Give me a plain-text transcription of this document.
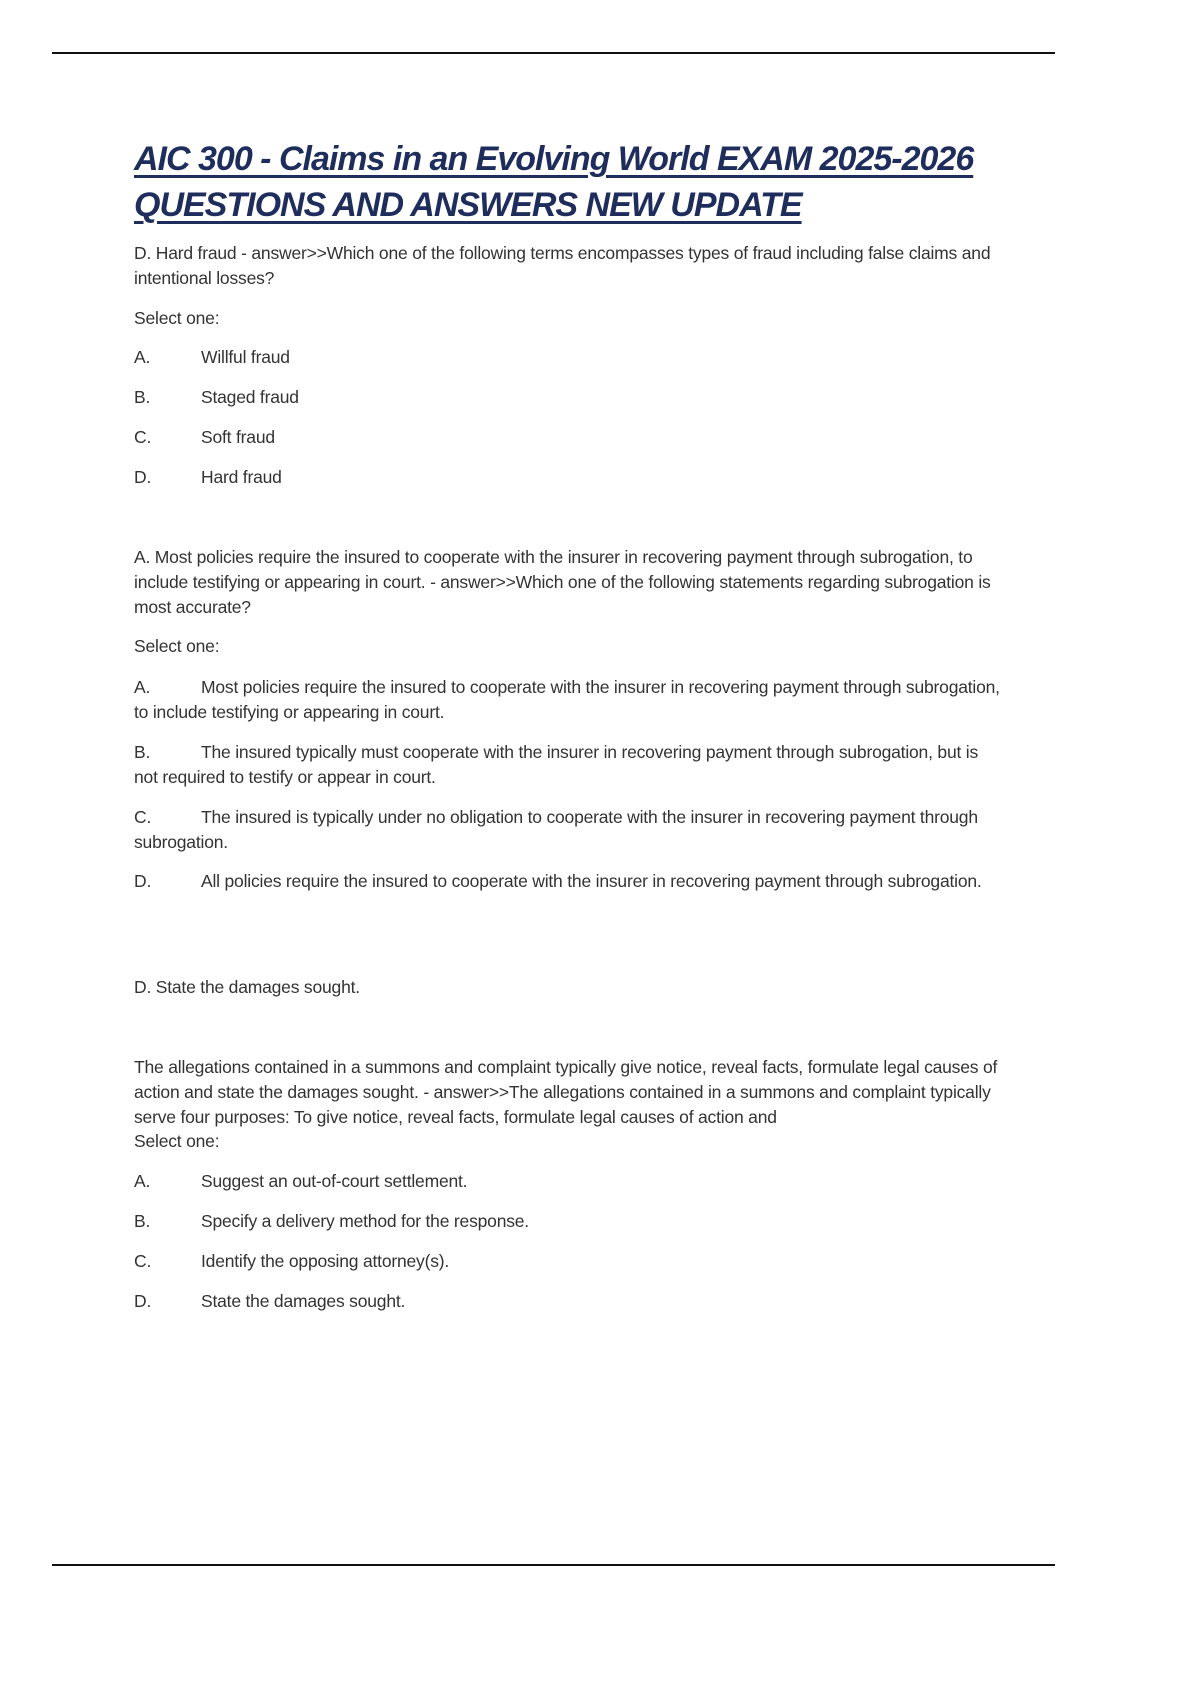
AIC 300 - Claims in an Evolving World EXAM 2025-2026
QUESTIONS AND ANSWERS NEW UPDATE
D. Hard fraud - answer>>Which one of the following terms encompasses types of fraud including false claims and intentional losses?
Select one:
A.	Willful fraud
B.	Staged fraud
C.	Soft fraud
D.	Hard fraud
A. Most policies require the insured to cooperate with the insurer in recovering payment through subrogation, to include testifying or appearing in court. - answer>>Which one of the following statements regarding subrogation is most accurate?
Select one:
A.	Most policies require the insured to cooperate with the insurer in recovering payment through subrogation, to include testifying or appearing in court.
B.	The insured typically must cooperate with the insurer in recovering payment through subrogation, but is not required to testify or appear in court.
C.	The insured is typically under no obligation to cooperate with the insurer in recovering payment through subrogation.
D.	All policies require the insured to cooperate with the insurer in recovering payment through subrogation.
D. State the damages sought.
The allegations contained in a summons and complaint typically give notice, reveal facts, formulate legal causes of action and state the damages sought. - answer>>The allegations contained in a summons and complaint typically serve four purposes: To give notice, reveal facts, formulate legal causes of action and
Select one:
A.	Suggest an out-of-court settlement.
B.	Specify a delivery method for the response.
C.	Identify the opposing attorney(s).
D.	State the damages sought.
